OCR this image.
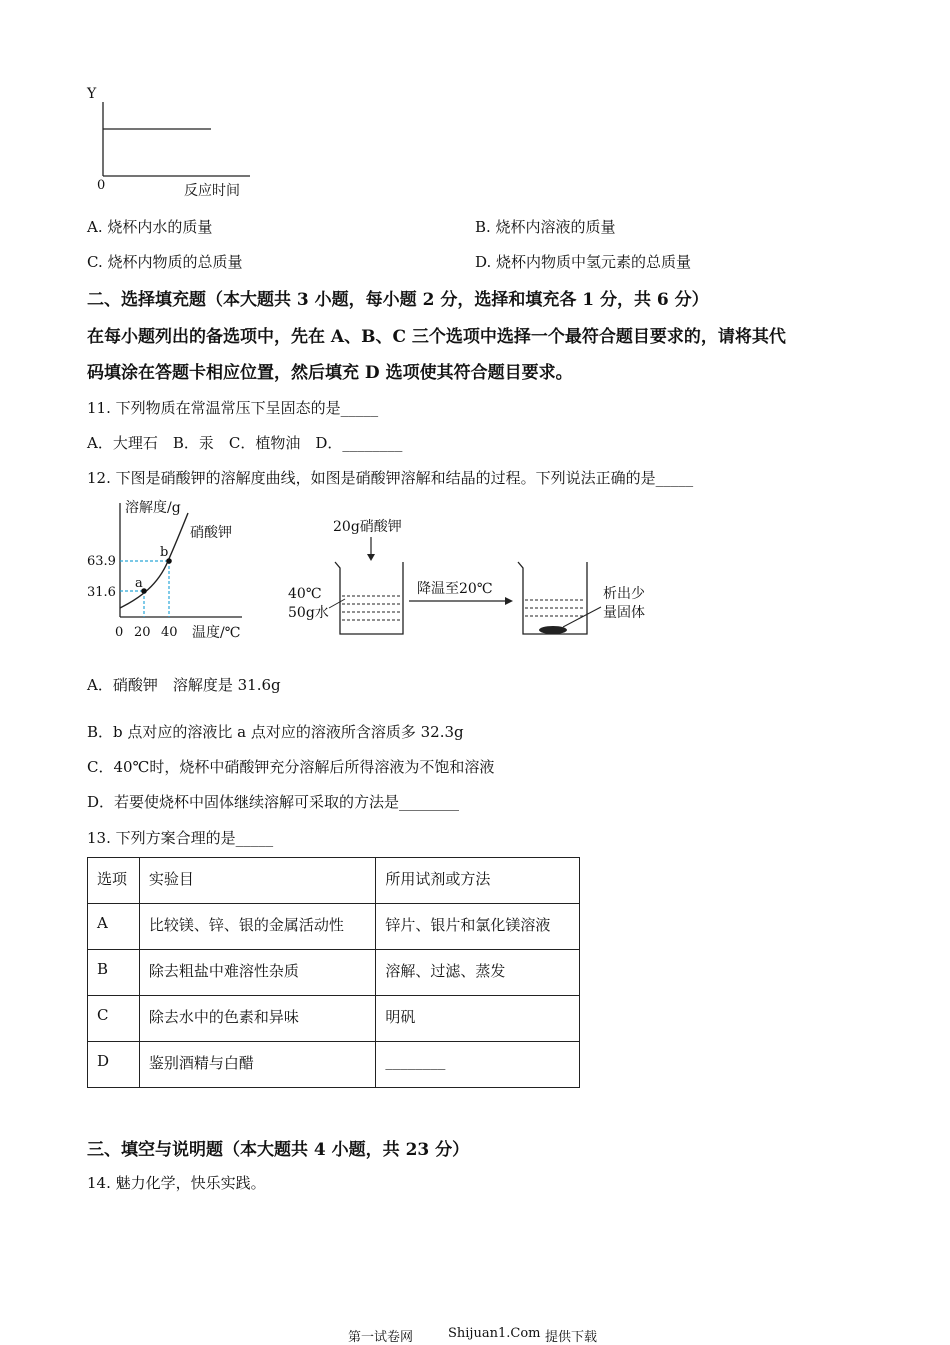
Y
0	反应时间
A. 烧杯内水的质量	B. 烧杯内溶液的质量
C. 烧杯内物质的总质量	D. 烧杯内物质中氢元素的总质量
二、选择填充题（本大题共 3 小题，每小题 2 分，选择和填充各 1 分，共 6 分）
在每小题列出的备选项中，先在 A、B、C 三个选项中选择一个最符合题目要求的，请将其代
码填涂在答题卡相应位置，然后填充 D 选项使其符合题目要求。
11. 下列物质在常温常压下呈固态的是_____
A．大理石　B．汞　C．植物油　D．________
12. 下图是硝酸钾的溶解度曲线，如图是硝酸钾溶解和结晶的过程。下列说法正确的是_____
溶解度/g
硝酸钾
63.9
31.6
a
b
0 20 40 温度/℃
20g硝酸钾
40℃
50g水
降温至20℃	析出少
量固体
A．硝酸钾　溶解度是 31.6g
B．b 点对应的溶液比 a 点对应的溶液所含溶质多 32.3g
C．40℃时，烧杯中硝酸钾充分溶解后所得溶液为不饱和溶液
D．若要使烧杯中固体继续溶解可采取的方法是________
13. 下列方案合理的是_____
选项	实验目	所用试剂或方法
A	比较镁、锌、银的金属活动性	锌片、银片和氯化镁溶液
B	除去粗盐中难溶性杂质	溶解、过滤、蒸发
C	除去水中的色素和异味	明矾
D	鉴别酒精与白醋	________
三、填空与说明题（本大题共 4 小题，共 23 分）
14. 魅力化学，快乐实践。
第一试卷网	Shijuan1.Com 提供下载
